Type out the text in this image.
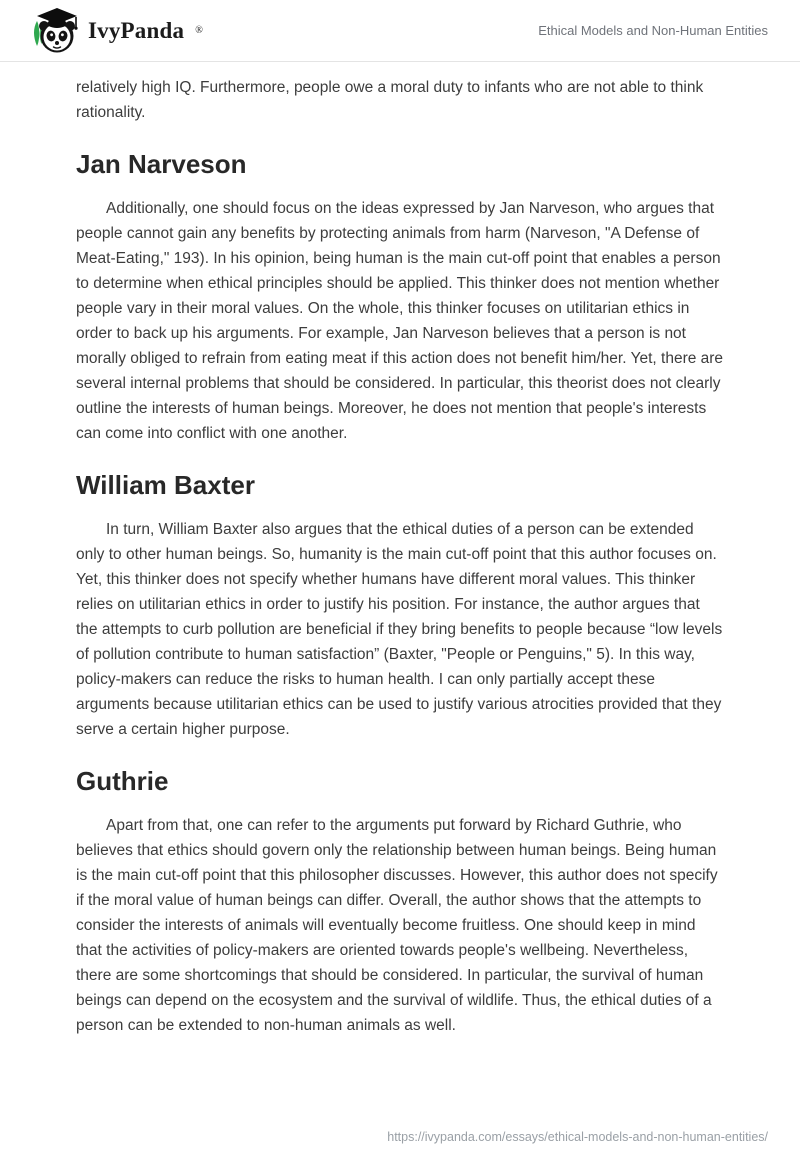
IvyPanda ®	Ethical Models and Non-Human Entities

relatively high IQ. Furthermore, people owe a moral duty to infants who are not able to think rationality.

Jan Narveson

Additionally, one should focus on the ideas expressed by Jan Narveson, who argues that people cannot gain any benefits by protecting animals from harm (Narveson, "A Defense of Meat-Eating," 193). In his opinion, being human is the main cut-off point that enables a person to determine when ethical principles should be applied. This thinker does not mention whether people vary in their moral values. On the whole, this thinker focuses on utilitarian ethics in order to back up his arguments. For example, Jan Narveson believes that a person is not morally obliged to refrain from eating meat if this action does not benefit him/her. Yet, there are several internal problems that should be considered. In particular, this theorist does not clearly outline the interests of human beings. Moreover, he does not mention that people's interests can come into conflict with one another.

William Baxter

In turn, William Baxter also argues that the ethical duties of a person can be extended only to other human beings. So, humanity is the main cut-off point that this author focuses on. Yet, this thinker does not specify whether humans have different moral values. This thinker relies on utilitarian ethics in order to justify his position. For instance, the author argues that the attempts to curb pollution are beneficial if they bring benefits to people because “low levels of pollution contribute to human satisfaction” (Baxter, "People or Penguins," 5). In this way, policy-makers can reduce the risks to human health. I can only partially accept these arguments because utilitarian ethics can be used to justify various atrocities provided that they serve a certain higher purpose.

Guthrie

Apart from that, one can refer to the arguments put forward by Richard Guthrie, who believes that ethics should govern only the relationship between human beings. Being human is the main cut-off point that this philosopher discusses. However, this author does not specify if the moral value of human beings can differ. Overall, the author shows that the attempts to consider the interests of animals will eventually become fruitless. One should keep in mind that the activities of policy-makers are oriented towards people's wellbeing. Nevertheless, there are some shortcomings that should be considered. In particular, the survival of human beings can depend on the ecosystem and the survival of wildlife. Thus, the ethical duties of a person can be extended to non-human animals as well.

https://ivypanda.com/essays/ethical-models-and-non-human-entities/
